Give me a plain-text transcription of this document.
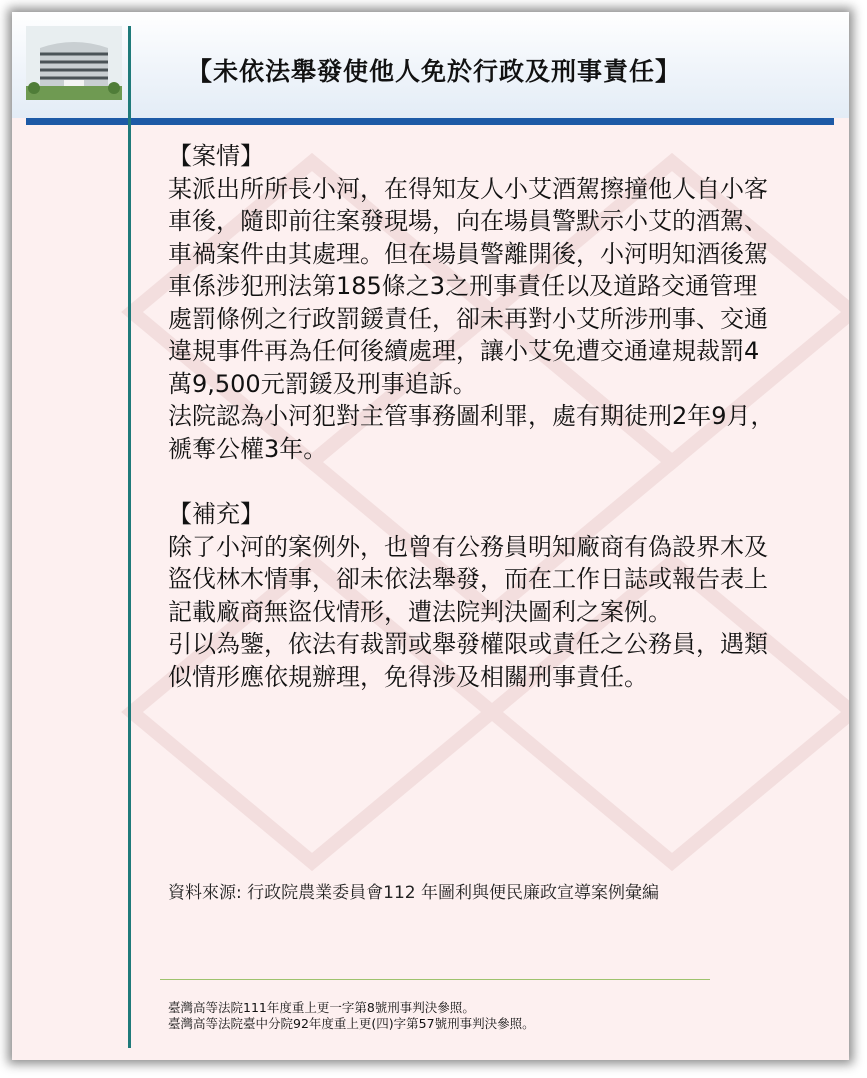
【未依法舉發使他人免於行政及刑事責任】

【案情】

某派出所所長小河，在得知友人小艾酒駕擦撞他人自小客車後，隨即前往案發現場，向在場員警默示小艾的酒駕、車禍案件由其處理。但在場員警離開後，小河明知酒後駕車係涉犯刑法第185條之3之刑事責任以及道路交通管理處罰條例之行政罰鍰責任，卻未再對小艾所涉刑事、交通違規事件再為任何後續處理，讓小艾免遭交通違規裁罰4萬9,500元罰鍰及刑事追訴。

法院認為小河犯對主管事務圖利罪，處有期徒刑2年9月，褫奪公權3年。

【補充】

除了小河的案例外，也曾有公務員明知廠商有偽設界木及盜伐林木情事，卻未依法舉發，而在工作日誌或報告表上記載廠商無盜伐情形，遭法院判決圖利之案例。

引以為鑒，依法有裁罰或舉發權限或責任之公務員，遇類似情形應依規辦理，免得涉及相關刑事責任。

資料來源: 行政院農業委員會112 年圖利與便民廉政宣導案例彙編
臺灣高等法院111年度重上更一字第8號刑事判決參照。
臺灣高等法院臺中分院92年度重上更(四)字第57號刑事判決參照。
